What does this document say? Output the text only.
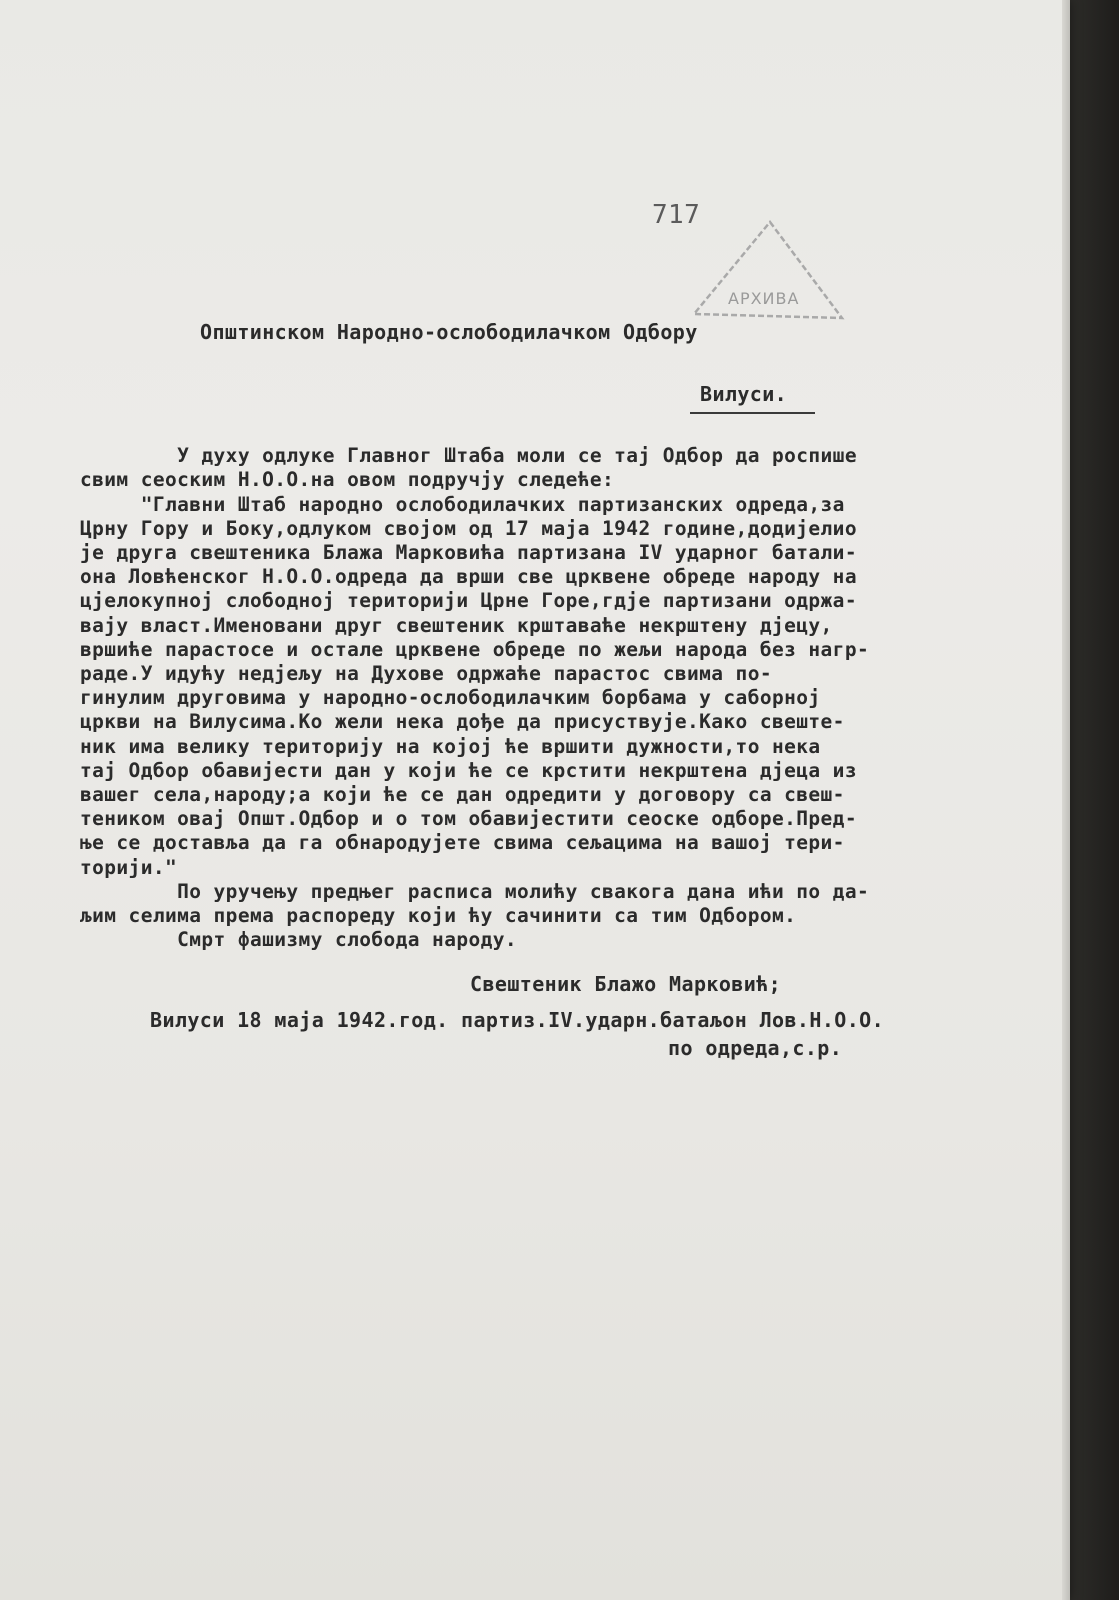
717
АРХИВА
Општинском Народно-ослободилачком Одбору
Вилуси.

У духу одлуке Главног Штаба моли се тај Одбор да роспише
свим сеоским Н.О.О.на овом подручју следеће:
"Главни Штаб народно ослободилачких партизанских одреда,за
Црну Гору и Боку,одлуком својом од 17 маја 1942 године,додијелио
је друга свештеника Блажа Марковића партизана IV ударног батали-
она Ловћенског Н.О.О.одреда да врши све црквене обреде народу на
цјелокупној слободној територији Црне Горе,гдје партизани одржа-
вају власт.Именовани друг свештеник крштаваће некрштену дјецу,
вршиће парастосе и остале црквене обреде по жељи народа без нагр-
раде.У идућу недјељу на Духове одржаће парастос свима по-
гинулим друговима у народно-ослободилачким борбама у саборној
цркви на Вилусима.Ко жели нека дође да присуствује.Како свеште-
ник има велику територију на којој ће вршити дужности,то нека
тај Одбор обавијести дан у који ће се крстити некрштена дјеца из
вашег села,народу;а који ће се дан одредити у договору са свеш-
теником овај Општ.Одбор и о том обавијестити сеоске одборе.Пред-
ње се доставља да га обнародујете свима сељацима на вашој тери-
торији."
По уручењу предњег расписа молићу свакога дана ићи по да-
љим селима према распореду који ћу сачинити са тим Одбором.
Смрт фашизму слобода народу.
Свештеник Блажо Марковић;
Вилуси 18 маја 1942.год. партиз.IV.ударн.батаљон Лов.Н.О.О.
по одреда,с.р.
